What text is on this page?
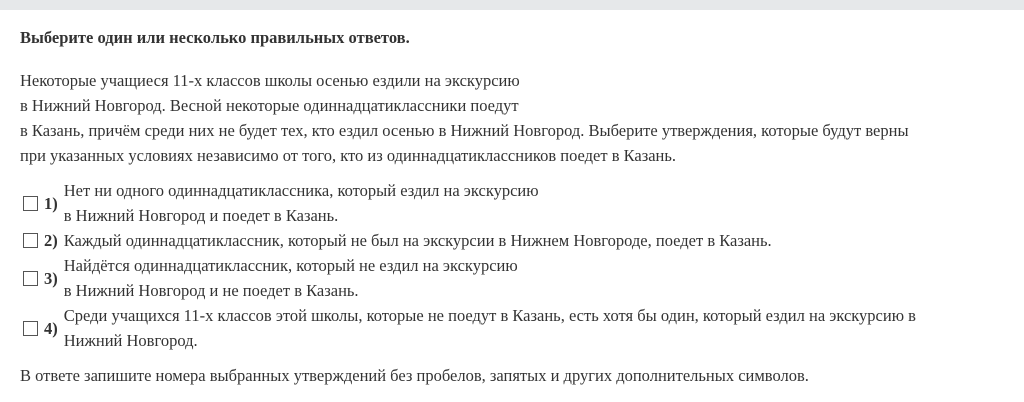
Выберите один или несколько правильных ответов.
Некоторые учащиеся 11-х классов школы осенью ездили на экскурсию
в Нижний Новгород. Весной некоторые одиннадцатиклассники поедут
в Казань, причём среди них не будет тех, кто ездил осенью в Нижний Новгород. Выберите утверждения, которые будут верны
при указанных условиях независимо от того, кто из одиннадцатиклассников поедет в Казань.
1)
Нет ни одного одиннадцатиклассника, который ездил на экскурсию
в Нижний Новгород и поедет в Казань.
2) Каждый одиннадцатиклассник, который не был на экскурсии в Нижнем Новгороде, поедет в Казань.
3)
Найдётся одиннадцатиклассник, который не ездил на экскурсию
в Нижний Новгород и не поедет в Казань.
4)
Среди учащихся 11-х классов этой школы, которые не поедут в Казань, есть хотя бы один, который ездил на экскурсию в
Нижний Новгород.
В ответе запишите номера выбранных утверждений без пробелов, запятых и других дополнительных символов.
